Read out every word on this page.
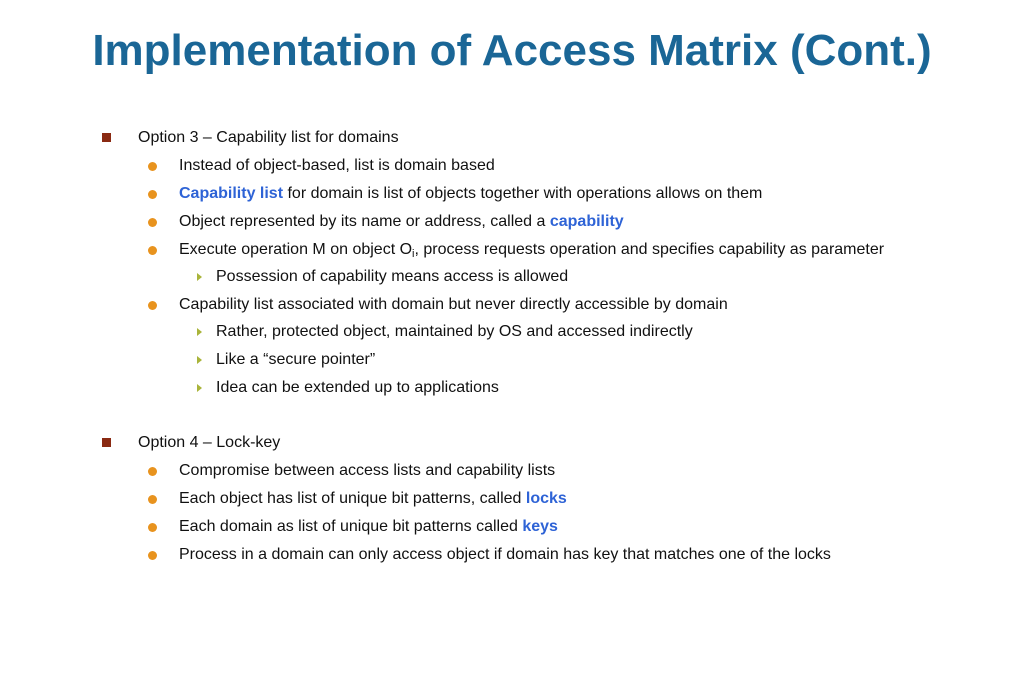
Implementation of Access Matrix (Cont.)
Option 3 – Capability list for domains
Instead of object-based, list is domain based
Capability list for domain is list of objects together with operations allows on them
Object represented by its name or address, called a capability
Execute operation M on object $O_i$, process requests operation and specifies capability as parameter
Possession of capability means access is allowed
Capability list associated with domain but never directly accessible by domain
Rather, protected object, maintained by OS and accessed indirectly
Like a “secure pointer”
Idea can be extended up to applications
Option 4 – Lock-key
Compromise between access lists and capability lists
Each object has list of unique bit patterns, called locks
Each domain as list of unique bit patterns called keys
Process in a domain can only access object if domain has key that matches one of the locks
